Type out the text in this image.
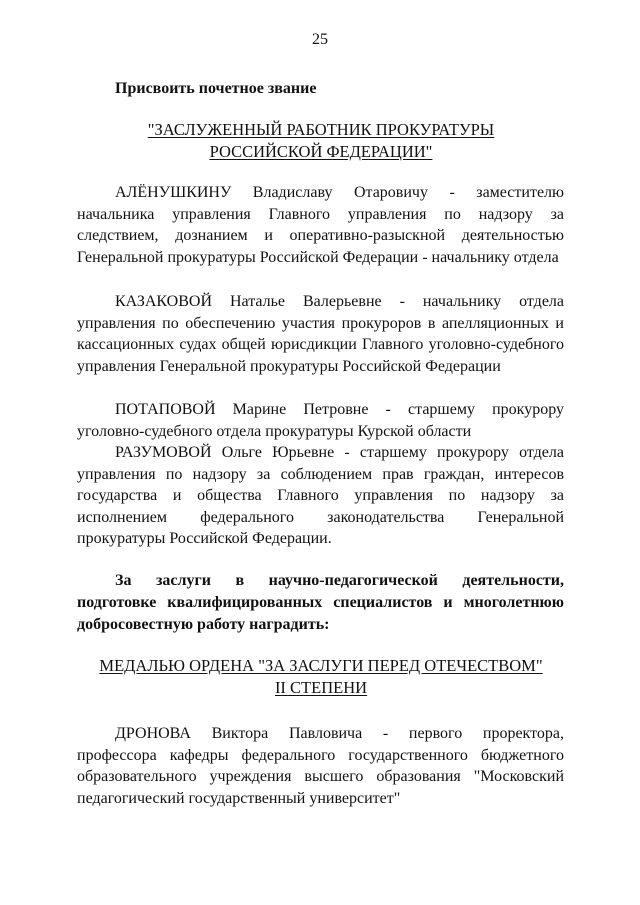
25
Присвоить почетное звание
"ЗАСЛУЖЕННЫЙ РАБОТНИК ПРОКУРАТУРЫ
РОССИЙСКОЙ ФЕДЕРАЦИИ"

АЛЁНУШКИНУ Владиславу Отаровичу - заместителю начальника управления Главного управления по надзору за следствием, дознанием и оперативно-разыскной деятельностью Генеральной прокуратуры Российской Федерации - начальнику отдела

КАЗАКОВОЙ Наталье Валерьевне - начальнику отдела управления по обеспечению участия прокуроров в апелляционных и кассационных судах общей юрисдикции Главного уголовно-судебного управления Генеральной прокуратуры Российской Федерации

ПОТАПОВОЙ Марине Петровне - старшему прокурору уголовно-судебного отдела прокуратуры Курской области

РАЗУМОВОЙ Ольге Юрьевне - старшему прокурору отдела управления по надзору за соблюдением прав граждан, интересов государства и общества Главного управления по надзору за исполнением федерального законодательства Генеральной прокуратуры Российской Федерации.

За заслуги в научно-педагогической деятельности, подготовке квалифицированных специалистов и многолетнюю добросовестную работу наградить:

МЕДАЛЬЮ ОРДЕНА "ЗА ЗАСЛУГИ ПЕРЕД ОТЕЧЕСТВОМ"
II СТЕПЕНИ

ДРОНОВА Виктора Павловича - первого проректора, профессора кафедры федерального государственного бюджетного образовательного учреждения высшего образования "Московский педагогический государственный университет"
